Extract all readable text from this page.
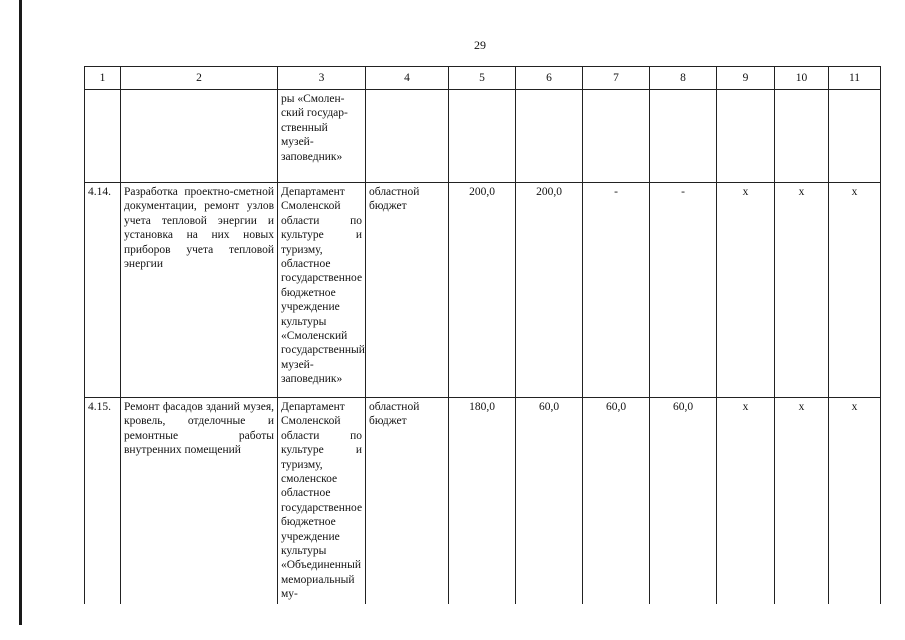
29
1	2	3	4	5	6	7	8	9	10	11
		ры «Смолен-
ский государ-
ственный
музей-
заповедник»								
4.14.	Разработка проектно-сметной документации, ремонт узлов учета тепловой энергии и установка на них новых приборов учета тепловой энергии	Департамент Смоленской области по культуре и туризму, областное государственное бюджетное учреждение культуры «Смоленский государственный музей-заповедник»	областной бюджет	200,0	200,0	-	-	x	x	x
4.15.	Ремонт фасадов зданий музея, кровель, отделочные и ремонтные работы внутренних помещений	Департамент Смоленской области по культуре и туризму, смоленское областное государственное бюджетное учреждение культуры «Объединенный мемориальный му-	областной бюджет	180,0	60,0	60,0	60,0	x	x	x
